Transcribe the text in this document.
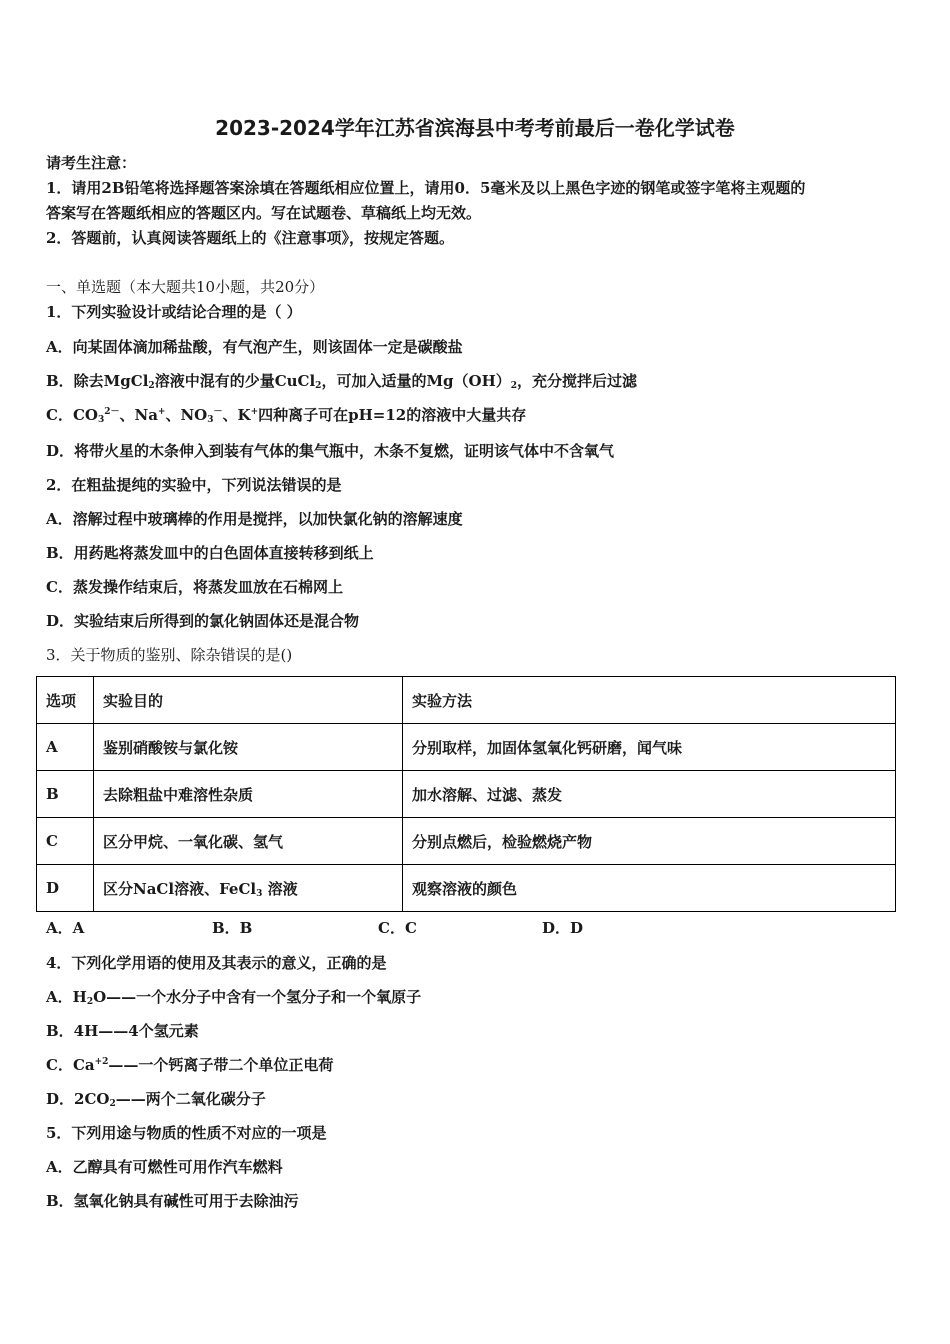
2023-2024学年江苏省滨海县中考考前最后一卷化学试卷
请考生注意：
1．请用2B铅笔将选择题答案涂填在答题纸相应位置上，请用0．5毫米及以上黑色字迹的钢笔或签字笔将主观题的
答案写在答题纸相应的答题区内。写在试题卷、草稿纸上均无效。
2．答题前，认真阅读答题纸上的《注意事项》，按规定答题。
一、单选题（本大题共10小题，共20分）
1．下列实验设计或结论合理的是（ ）
A．向某固体滴加稀盐酸，有气泡产生，则该固体一定是碳酸盐
B．除去MgCl$_2$溶液中混有的少量CuCl$_2$，可加入适量的$Mg(OH)_2$，充分搅拌后过滤
C．$CO_3^{2-}$、Na+、$NO_3^-$、K+四种离子可在pH=12的溶液中大量共存
D．将带火星的木条伸入到装有气体的集气瓶中，木条不复燃，证明该气体中不含氧气
2．在粗盐提纯的实验中，下列说法错误的是
A．溶解过程中玻璃棒的作用是搅拌，以加快氯化钠的溶解速度
B．用药匙将蒸发皿中的白色固体直接转移到纸上
C．蒸发操作结束后，将蒸发皿放在石棉网上
D．实验结束后所得到的氯化钠固体还是混合物
3．关于物质的鉴别、除杂错误的是()
选项	实验目的	实验方法
A	鉴别硝酸铵与氯化铵	分别取样，加固体氢氧化钙研磨，闻气味
B	去除粗盐中难溶性杂质	加水溶解、过滤、蒸发
C	区分甲烷、一氧化碳、氢气	分别点燃后，检验燃烧产物
D	区分NaCl溶液、FeCl$_3$ 溶液	观察溶液的颜色
A．A	B．B	C．C	D．D
4．下列化学用语的使用及其表示的意义，正确的是
A．$H_2O——$一个水分子中含有一个氢分子和一个氧原子
B．4H——4个氢元素
C．$Ca^{+2}——$一个钙离子带二个单位正电荷
D．$2CO_2——$两个二氧化碳分子
5．下列用途与物质的性质不对应的一项是
A．乙醇具有可燃性可用作汽车燃料
B．氢氧化钠具有碱性可用于去除油污
